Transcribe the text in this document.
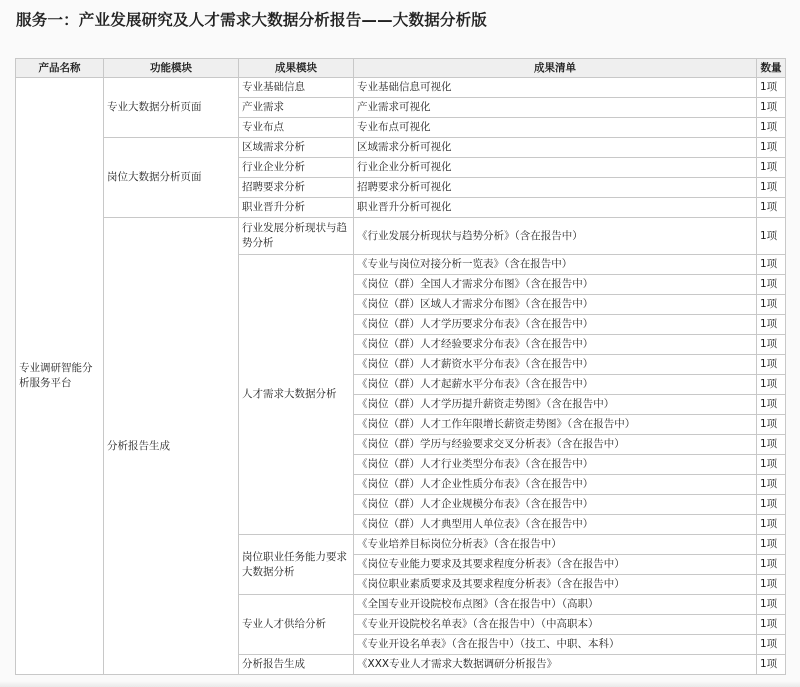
服务一：产业发展研究及人才需求大数据分析报告——大数据分析版
产品名称	功能模块	成果模块	成果清单	数量
专业调研智能分析服务平台	专业大数据分析页面	专业基础信息	专业基础信息可视化	1项
		产业需求	产业需求可视化	1项
		专业布点	专业布点可视化	1项
	岗位大数据分析页面	区域需求分析	区域需求分析可视化	1项
		行业企业分析	行业企业分析可视化	1项
		招聘要求分析	招聘要求分析可视化	1项
		职业晋升分析	职业晋升分析可视化	1项
	分析报告生成	行业发展分析现状与趋势分析	《行业发展分析现状与趋势分析》（含在报告中）	1项
		人才需求大数据分析	《专业与岗位对接分析一览表》（含在报告中）	1项
			《岗位（群）全国人才需求分布图》（含在报告中）	1项
			《岗位（群）区域人才需求分布图》（含在报告中）	1项
			《岗位（群）人才学历要求分布表》（含在报告中）	1项
			《岗位（群）人才经验要求分布表》（含在报告中）	1项
			《岗位（群）人才薪资水平分布表》（含在报告中）	1项
			《岗位（群）人才起薪水平分布表》（含在报告中）	1项
			《岗位（群）人才学历提升薪资走势图》（含在报告中）	1项
			《岗位（群）人才工作年限增长薪资走势图》（含在报告中）	1项
			《岗位（群）学历与经验要求交叉分析表》（含在报告中）	1项
			《岗位（群）人才行业类型分布表》（含在报告中）	1项
			《岗位（群）人才企业性质分布表》（含在报告中）	1项
			《岗位（群）人才企业规模分布表》（含在报告中）	1项
			《岗位（群）人才典型用人单位表》（含在报告中）	1项
		岗位职业任务能力要求大数据分析	《专业培养目标岗位分析表》（含在报告中）	1项
			《岗位专业能力要求及其要求程度分析表》（含在报告中）	1项
			《岗位职业素质要求及其要求程度分析表》（含在报告中）	1项
		专业人才供给分析	《全国专业开设院校布点图》（含在报告中）（高职）	1项
			《专业开设院校名单表》（含在报告中）（中高职本）	1项
			《专业开设名单表》（含在报告中）（技工、中职、本科）	1项
		分析报告生成	《XXX专业人才需求大数据调研分析报告》	1项
